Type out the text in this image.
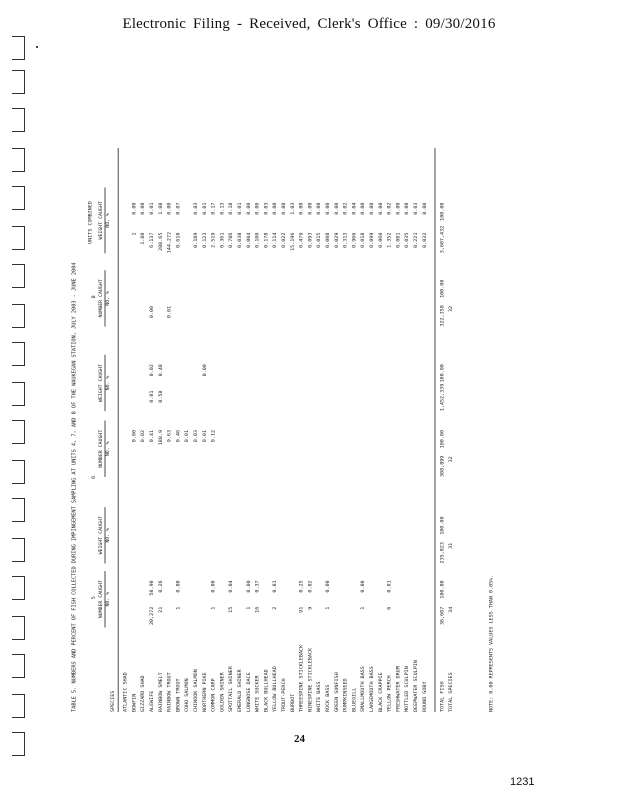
Electronic Filing - Received, Clerk's Office : 09/30/2016
TABLE 5. NUMBERS AND PERCENT OF FISH COLLECTED DURING IMPINGEMENT SAMPLING AT UNITS 4, 7, AND 8 OF THE WAUKEGAN STATION, JULY 2003 - JUNE 2004
UNITS COMBINED
NUMBER CAUGHT NO. %
WEIGHT CAUGHT NO. %
NUMBER CAUGHT NO. %
WEIGHT CAUGHT NO. %
NUMBER CAUGHT NO. %
WEIGHT CAUGHT NO. %
5
6
8
SPECIES ATLANTIC SHAD BOWFIN
0.00
1
0.00
GIZZARD SHAD
0.02
1.80
0.00
ALEWIFE
20,272
58.90
0.41
0.01
0.02
0.00
6.137
0.01
RAINBOW SMELT
21
0.26
188.9
0.58
0.48
288.65
1.08
RAINBOW TROUT
9.63
0.01
144.272
0.00
BROWN TROUT
1
0.00
0.46
0.610
0.07
COHO SALMON
0.01
CHINOOK SALMON
0.03
0.189
0.03
NORTHERN PIKE
0.01
0.00
0.123
0.01
COMMON CARP
1
0.00
0.12
2.519
0.17
GOLDEN SHINER
0.361
0.13
SPOTTAIL SHINER
15
0.04
0.786
0.18
EMERALD SHINER
0.038
0.01
LONGNOSE DACE
1
0.00
0.004
0.00
WHITE SUCKER
16
0.37
0.100
0.00
BLACK BULLHEAD
0.178
0.03
YELLOW BULLHEAD
2
0.01
0.114
0.00
TROUT-PERCH
0.022
0.00
BURBOT
15.196
1.03
THREESPINE STICKLEBACK
91
0.25
0.479
0.00
NINESPINE STICKLEBACK
9
0.02
0.093
0.00
WHITE BASS
0.015
0.00
ROCK BASS
1
0.00
0.008
0.00
GREEN SUNFISH
0.029
0.00
PUMPKINSEED
0.313
0.02
BLUEGILL
0.966
0.04
SMALLMOUTH BASS
1
0.00
0.018
0.00
LARGEMOUTH BASS
0.099
0.00
BLACK CRAPPIE
0.060
0.00
YELLOW PERCH
6
0.01
1.352
0.02
FRESHWATER DRUM
0.081
0.00
MOTTLED SCULPIN
0.035
0.00
DEEPWATER SCULPIN
0.221
0.03
ROUND GOBY
0.032
0.00
TOTAL FISH
36,607
100.00
235,823
100.00
308,899
100.00
1,452,339
100.00
322,358
100.00
3,607,432
100.00
TOTAL SPECIES
34
31
32
32
NOTE: 0.00 REPRESENTS VALUES LESS THAN 0.05%.
24
1231
